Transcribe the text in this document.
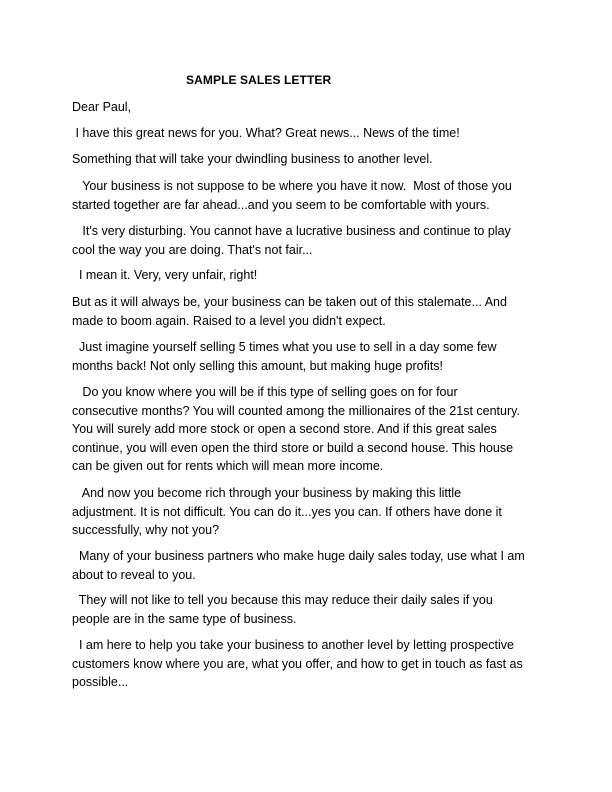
SAMPLE SALES LETTER
Dear Paul,
I have this great news for you. What? Great news... News of the time!
Something that will take your dwindling business to another level.
Your business is not suppose to be where you have it now.  Most of those you
started together are far ahead...and you seem to be comfortable with yours.
It's very disturbing. You cannot have a lucrative business and continue to play
cool the way you are doing. That's not fair...
I mean it. Very, very unfair, right!
But as it will always be, your business can be taken out of this stalemate... And
made to boom again. Raised to a level you didn't expect.
Just imagine yourself selling 5 times what you use to sell in a day some few
months back! Not only selling this amount, but making huge profits!
Do you know where you will be if this type of selling goes on for four
consecutive months? You will counted among the millionaires of the 21st century.
You will surely add more stock or open a second store. And if this great sales
continue, you will even open the third store or build a second house. This house
can be given out for rents which will mean more income.
And now you become rich through your business by making this little
adjustment. It is not difficult. You can do it...yes you can. If others have done it
successfully, why not you?
Many of your business partners who make huge daily sales today, use what I am
about to reveal to you.
They will not like to tell you because this may reduce their daily sales if you
people are in the same type of business.
I am here to help you take your business to another level by letting prospective
customers know where you are, what you offer, and how to get in touch as fast as
possible...
